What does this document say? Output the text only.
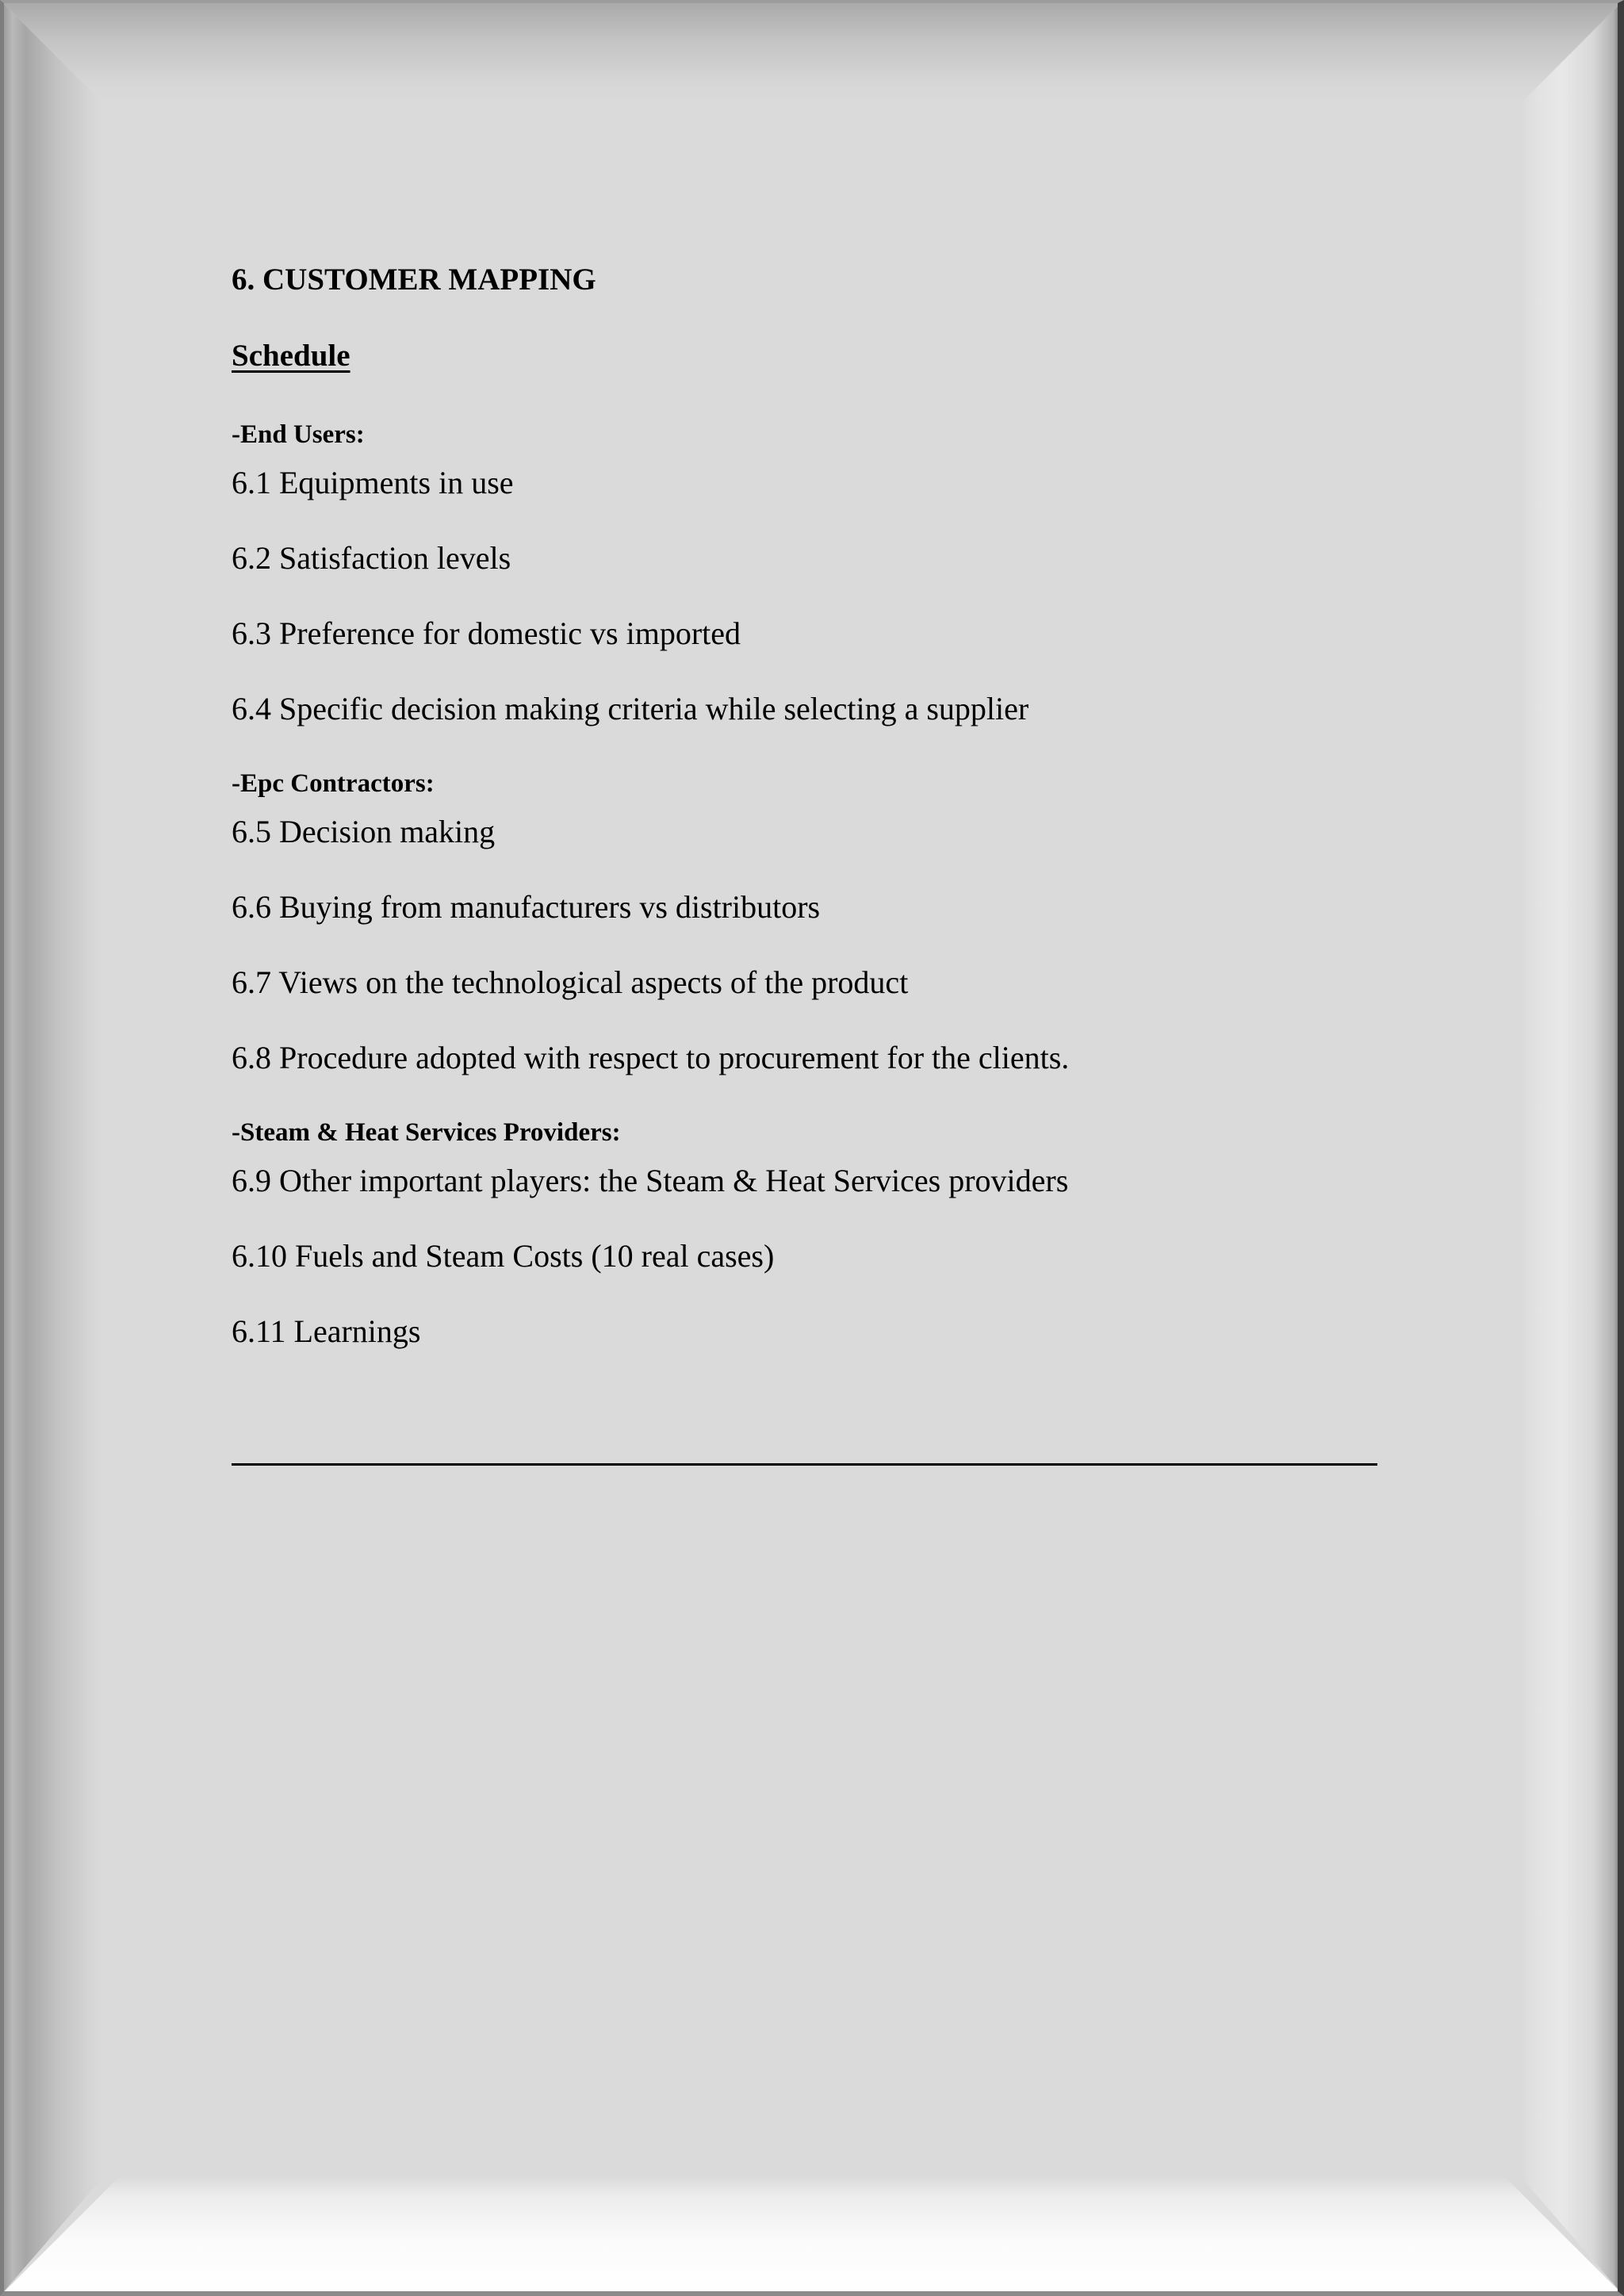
6. CUSTOMER MAPPING
Schedule
-End Users:
6.1 Equipments in use
6.2 Satisfaction levels
6.3 Preference for domestic vs imported
6.4 Specific decision making criteria while selecting a supplier
-Epc Contractors:
6.5 Decision making
6.6 Buying from manufacturers vs distributors
6.7 Views on the technological aspects of the product
6.8 Procedure adopted with respect to procurement for the clients.
-Steam & Heat Services Providers:
6.9 Other important players: the Steam & Heat Services providers
6.10 Fuels and Steam Costs (10 real cases)
6.11 Learnings
